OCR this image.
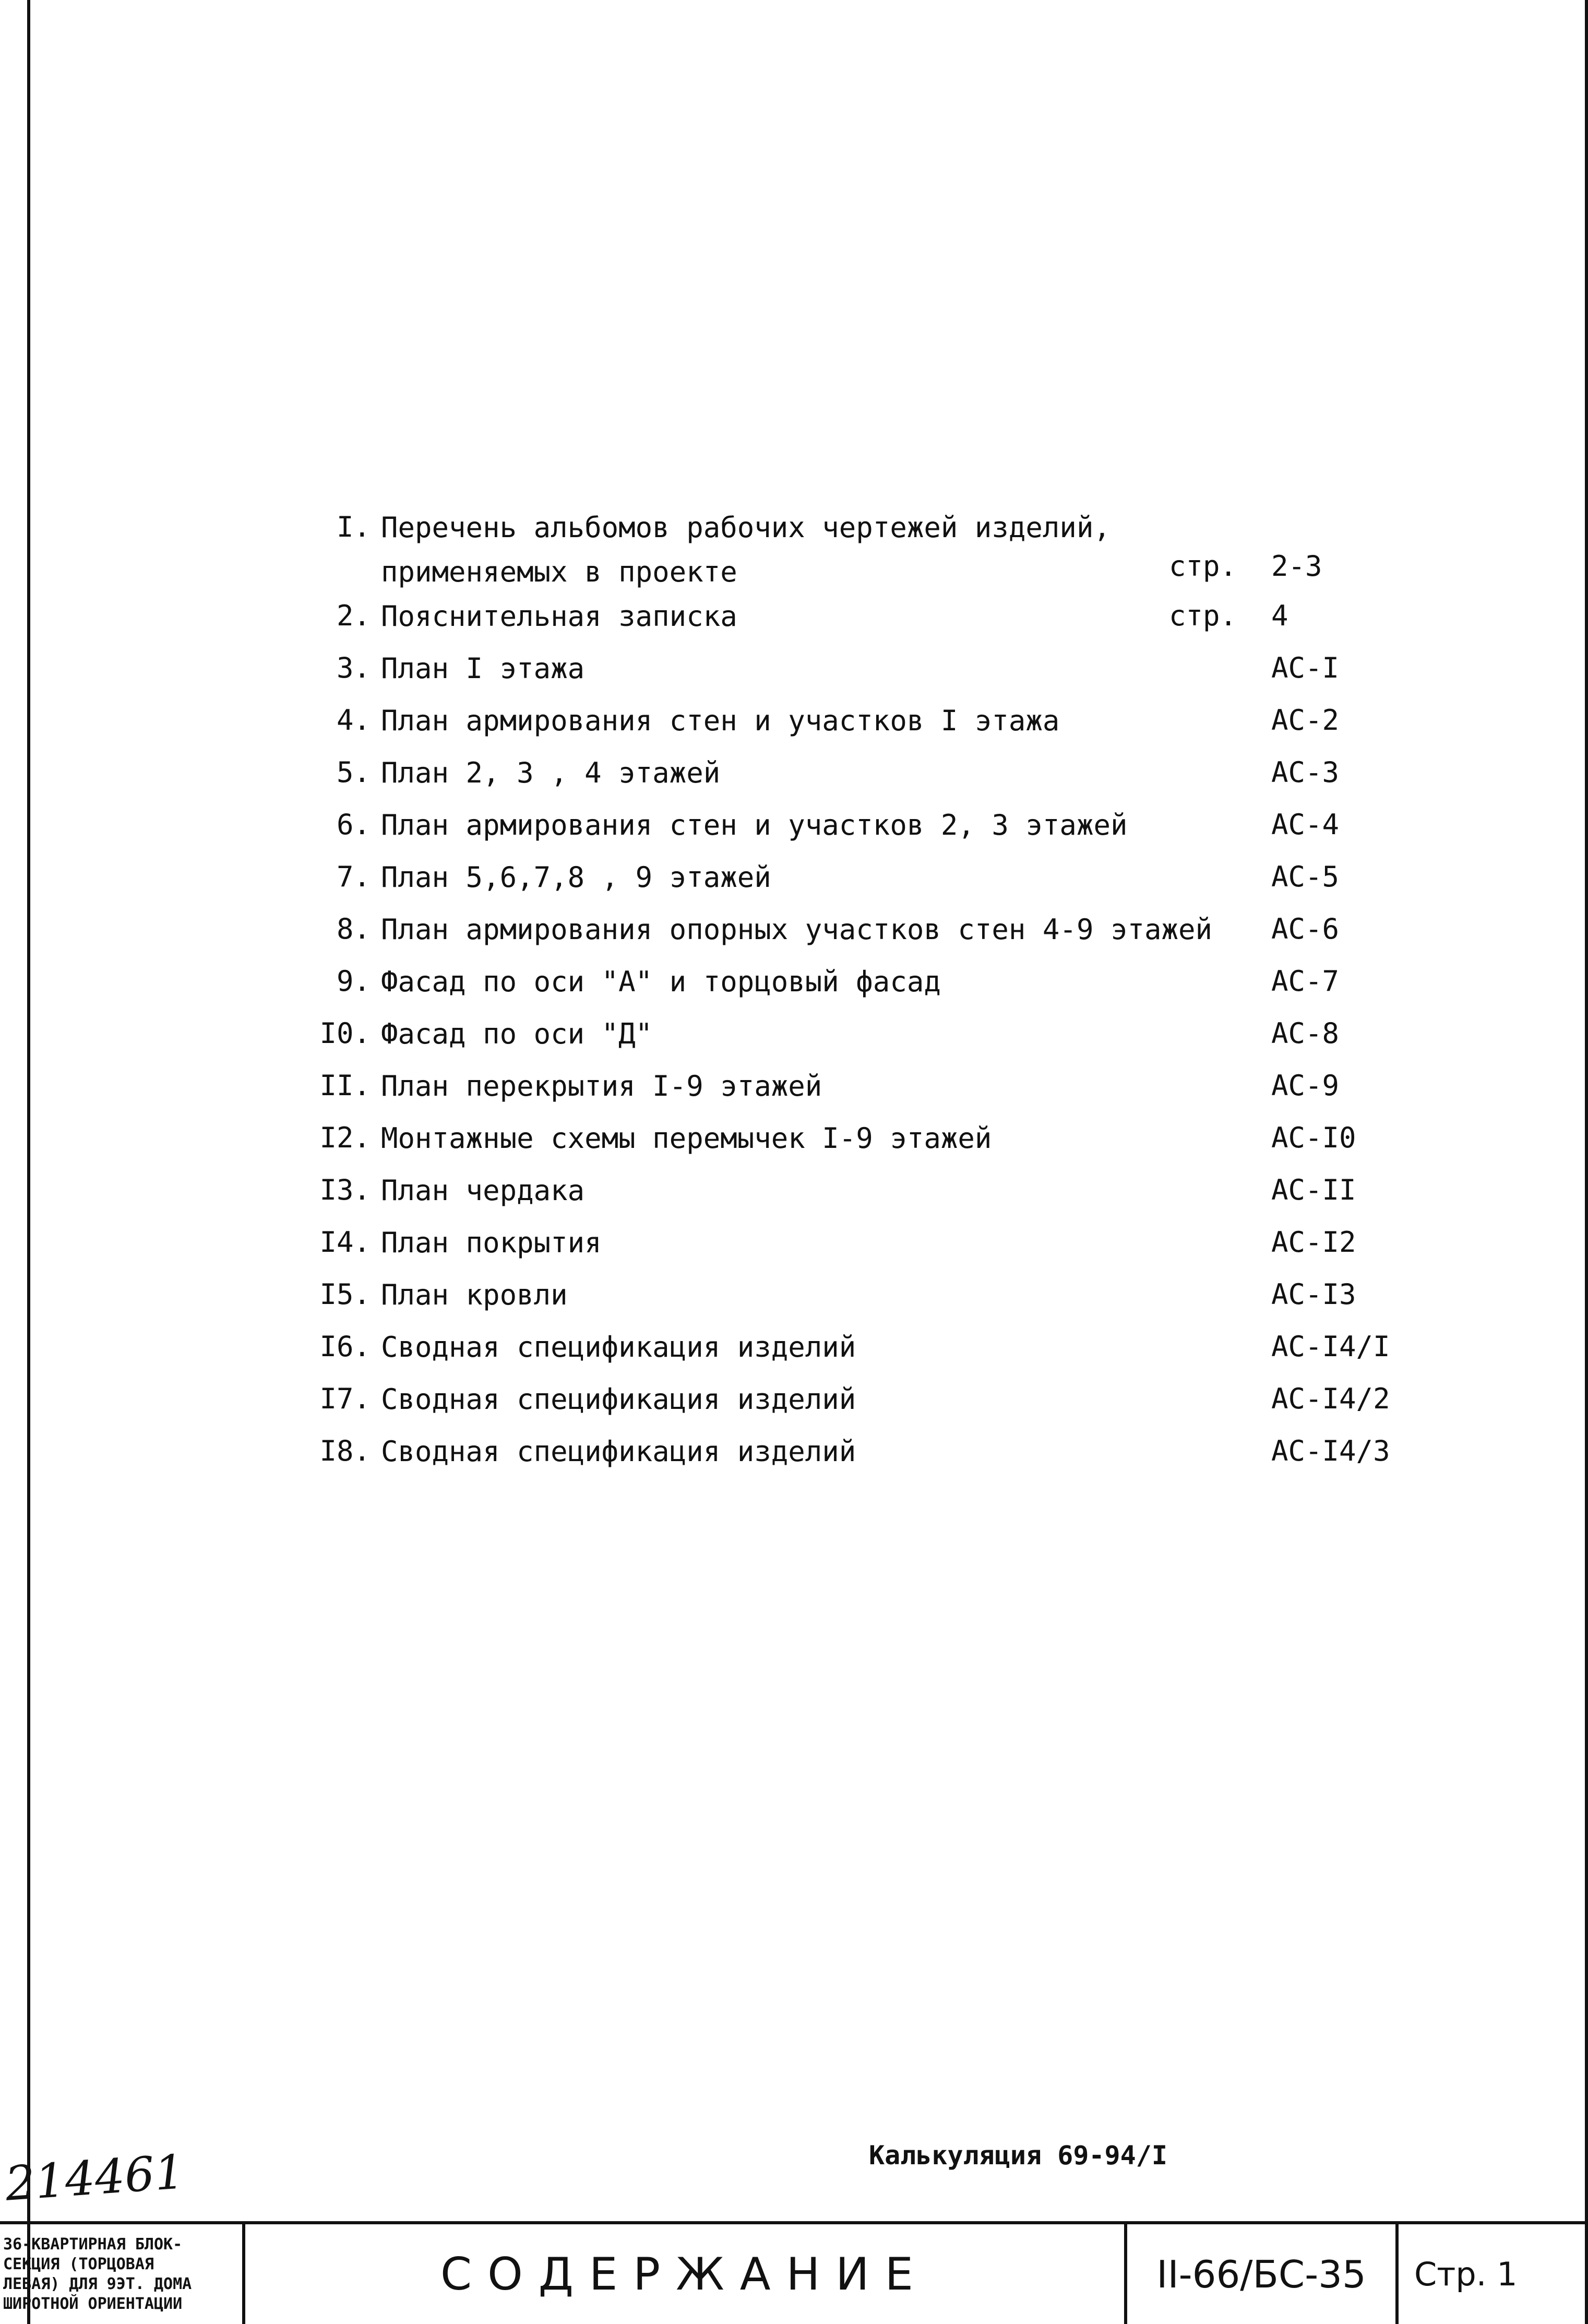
I. Перечень альбомов рабочих чертежей изделий,
применяемых в проекте	стр. 2-3
2. Пояснительная записка	стр. 4
3. План I этажа	АС-I
4. План армирования стен и участков I этажа	АС-2
5. План 2, 3 , 4 этажей	АС-3
6. План армирования стен и участков 2, 3 этажей	АС-4
7. План 5,6,7,8 , 9 этажей	АС-5
8. План армирования опорных участков стен 4-9 этажей	АС-6
9. Фасад по оси "А" и торцовый фасад	АС-7
I0. Фасад по оси "Д"	АС-8
II. План перекрытия I-9 этажей	АС-9
I2. Монтажные схемы перемычек I-9 этажей	АС-I0
I3. План чердака	АС-II
I4. План покрытия	АС-I2
I5. План кровли	АС-I3
I6. Сводная спецификация изделий	АС-I4/I
I7. Сводная спецификация изделий	АС-I4/2
I8. Сводная спецификация изделий	АС-I4/3
Калькуляция 69-94/I
214461
36-КВАРТИРНАЯ БЛОК-
СЕКЦИЯ (ТОРЦОВАЯ
ЛЕВАЯ) ДЛЯ 9ЭТ. ДОМА
ШИРОТНОЙ ОРИЕНТАЦИИ
СОДЕРЖАНИЕ	II-66/БС-35	Стр. 1
